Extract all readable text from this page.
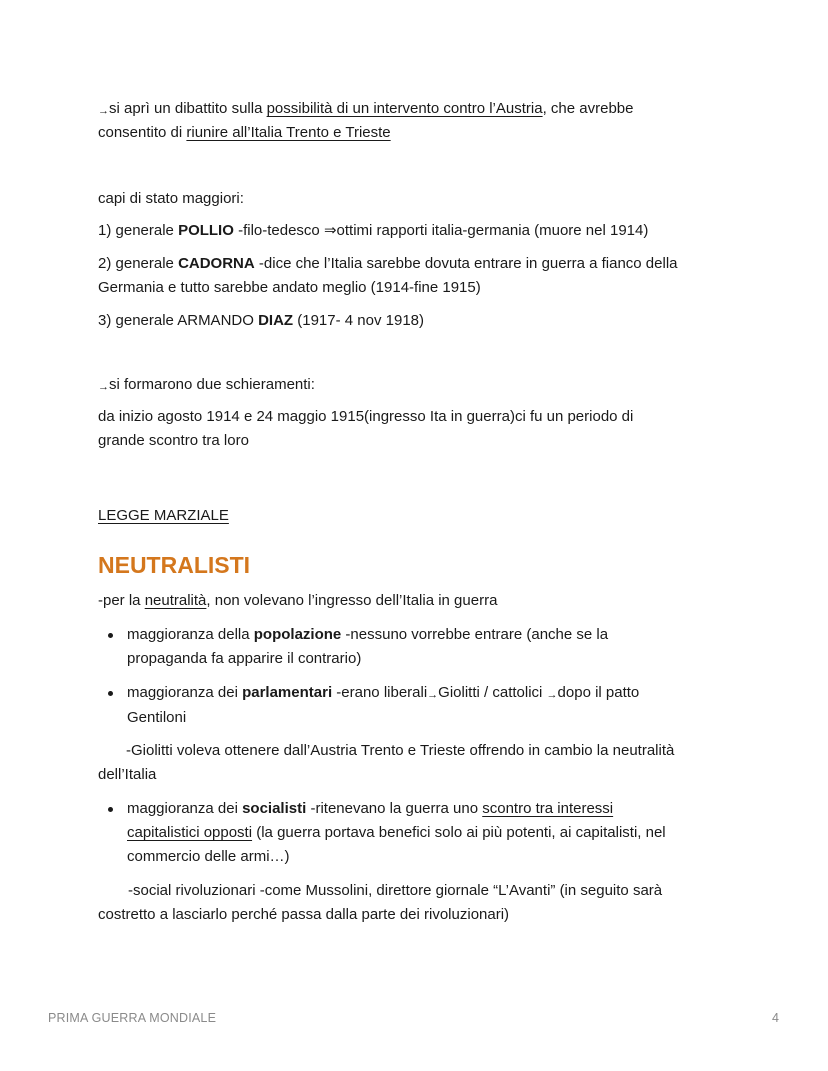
→si aprì un dibattito sulla possibilità di un intervento contro l’Austria, che avrebbe

consentito di riunire all’Italia Trento e Trieste

capi di stato maggiori:

1) generale POLLIO -filo-tedesco ⇒ottimi rapporti italia-germania (muore nel 1914)

2) generale CADORNA -dice che l’Italia sarebbe dovuta entrare in guerra a fianco della

Germania e tutto sarebbe andato meglio (1914-fine 1915)

3) generale ARMANDO DIAZ (1917- 4 nov 1918)

→si formarono due schieramenti:

da inizio agosto 1914 e 24 maggio 1915(ingresso Ita in guerra)ci fu un periodo di

grande scontro tra loro

LEGGE MARZIALE

NEUTRALISTI

-per la neutralità, non volevano l’ingresso dell’Italia in guerra

maggioranza della popolazione -nessuno vorrebbe entrare (anche se la
propaganda fa apparire il contrario)
maggioranza dei parlamentari -erano liberali→Giolitti / cattolici →dopo il patto
Gentiloni

-Giolitti voleva ottenere dall’Austria Trento e Trieste offrendo in cambio la neutralità

dell’Italia

maggioranza dei socialisti -ritenevano la guerra uno scontro tra interessi
capitalistici opposti (la guerra portava benefici solo ai più potenti, ai capitalisti, nel
commercio delle armi…)

-social rivoluzionari -come Mussolini, direttore giornale “L’Avanti” (in seguito sarà

costretto a lasciarlo perché passa dalla parte dei rivoluzionari)

PRIMA GUERRA MONDIALE	4
